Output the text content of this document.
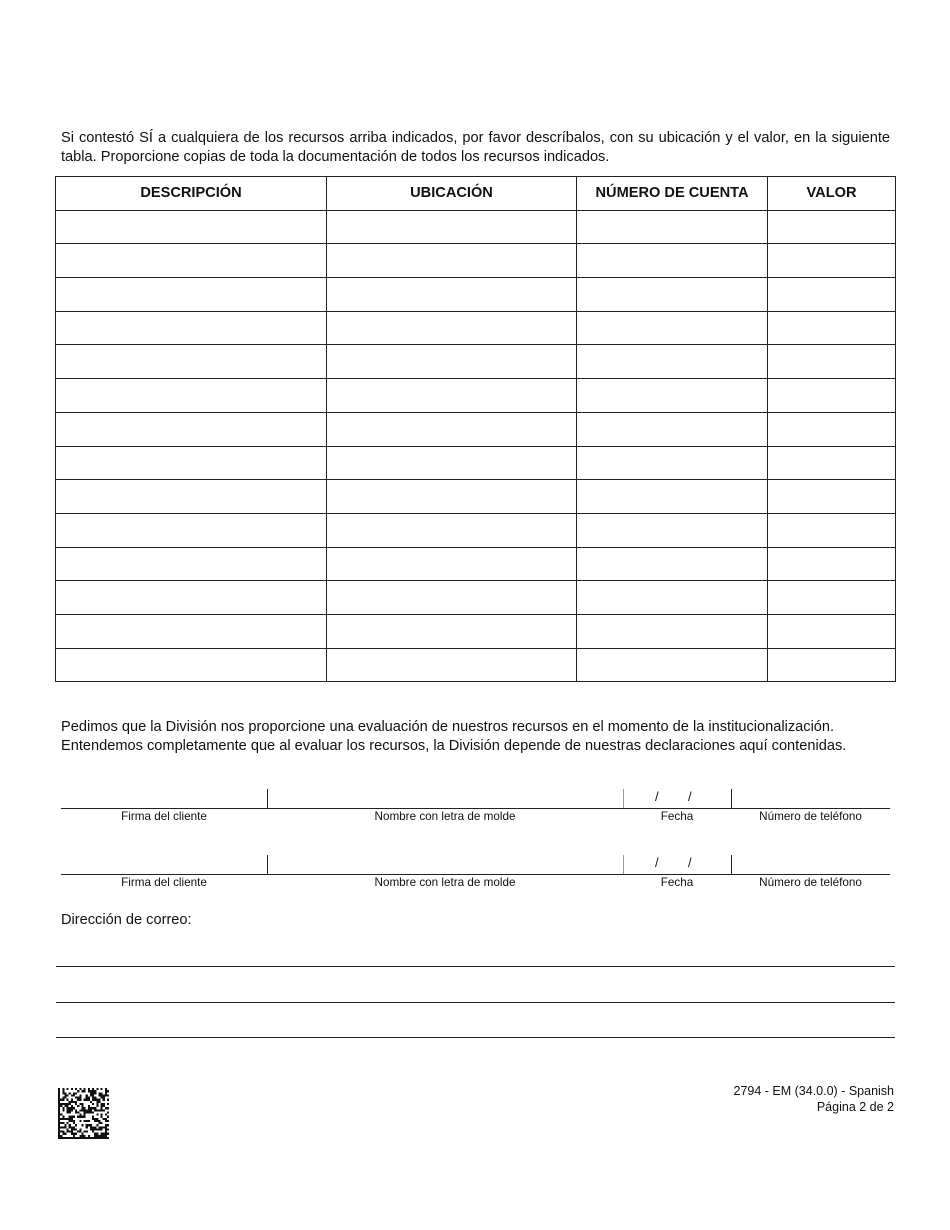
Si contestó SÍ a cualquiera de los recursos arriba indicados, por favor descríbalos, con su ubicación y el valor, en la siguiente tabla. Proporcione copias de toda la documentación de todos los recursos indicados.
DESCRIPCIÓN	UBICACIÓN	NÚMERO DE CUENTA	VALOR

Pedimos que la División nos proporcione una evaluación de nuestros recursos en el momento de la institucionalización.
Entendemos completamente que al evaluar los recursos, la División depende de nuestras declaraciones aquí contenidas.
/ /
Firma del cliente	Nombre con letra de molde	Fecha	Número de teléfono
/ /
Firma del cliente	Nombre con letra de molde	Fecha	Número de teléfono
Dirección de correo:
2794 - EM (34.0.0) - Spanish
Página 2 de 2
